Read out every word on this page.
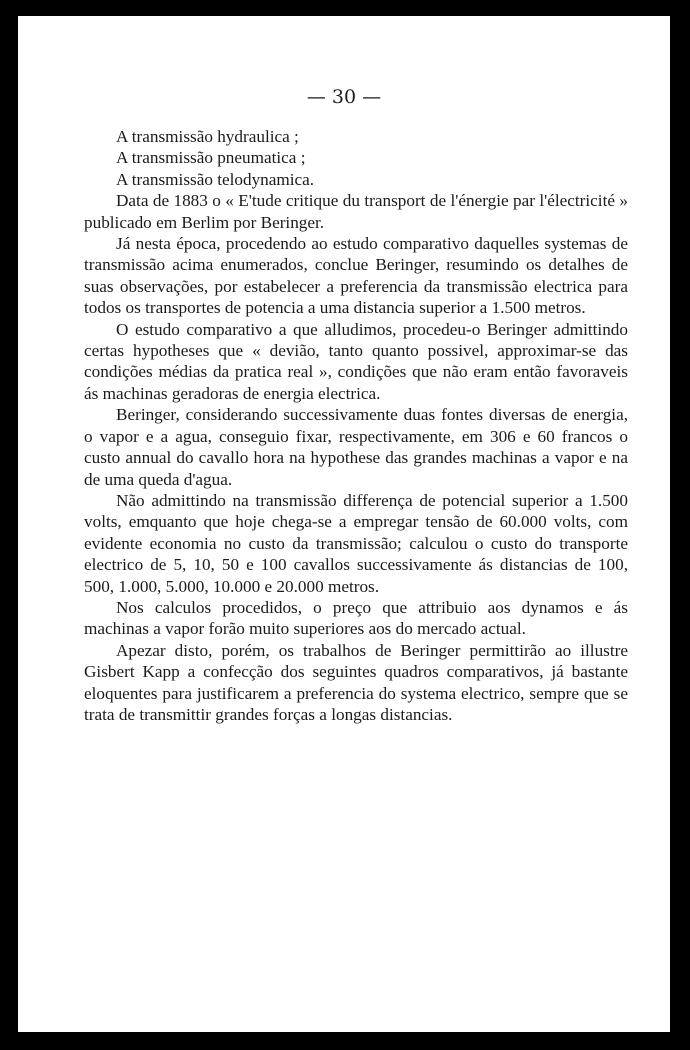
— 30 —

A transmissão hydraulica ;

A transmissão pneumatica ;

A transmissão telodynamica.

Data de 1883 o « E'tude critique du transport de l'énergie par l'électricité » publicado em Berlim por Beringer.

Já nesta época, procedendo ao estudo comparativo daquelles systemas de transmissão acima enumerados, conclue Beringer, resumindo os detalhes de suas observações, por estabelecer a preferencia da transmissão electrica para todos os transportes de potencia a uma distancia superior a 1.500 metros.

O estudo comparativo a que alludimos, procedeu-o Beringer admittindo certas hypotheses que « devião, tanto quanto possivel, approximar-se das condições médias da pratica real », condições que não eram então favoraveis ás machinas geradoras de energia electrica.

Beringer, considerando successivamente duas fontes diversas de energia, o vapor e a agua, conseguio fixar, respectivamente, em 306 e 60 francos o custo annual do cavallo hora na hypothese das grandes machinas a vapor e na de uma queda d'agua.

Não admittindo na transmissão differença de potencial superior a 1.500 volts, emquanto que hoje chega-se a empregar tensão de 60.000 volts, com evidente economia no custo da transmissão; calculou o custo do transporte electrico de 5, 10, 50 e 100 cavallos successivamente ás distancias de 100, 500, 1.000, 5.000, 10.000 e 20.000 metros.

Nos calculos procedidos, o preço que attribuio aos dynamos e ás machinas a vapor forão muito superiores aos do mercado actual.

Apezar disto, porém, os trabalhos de Beringer permittirão ao illustre Gisbert Kapp a confecção dos seguintes quadros comparativos, já bastante eloquentes para justificarem a preferencia do systema electrico, sempre que se trata de transmittir grandes forças a longas distancias.
